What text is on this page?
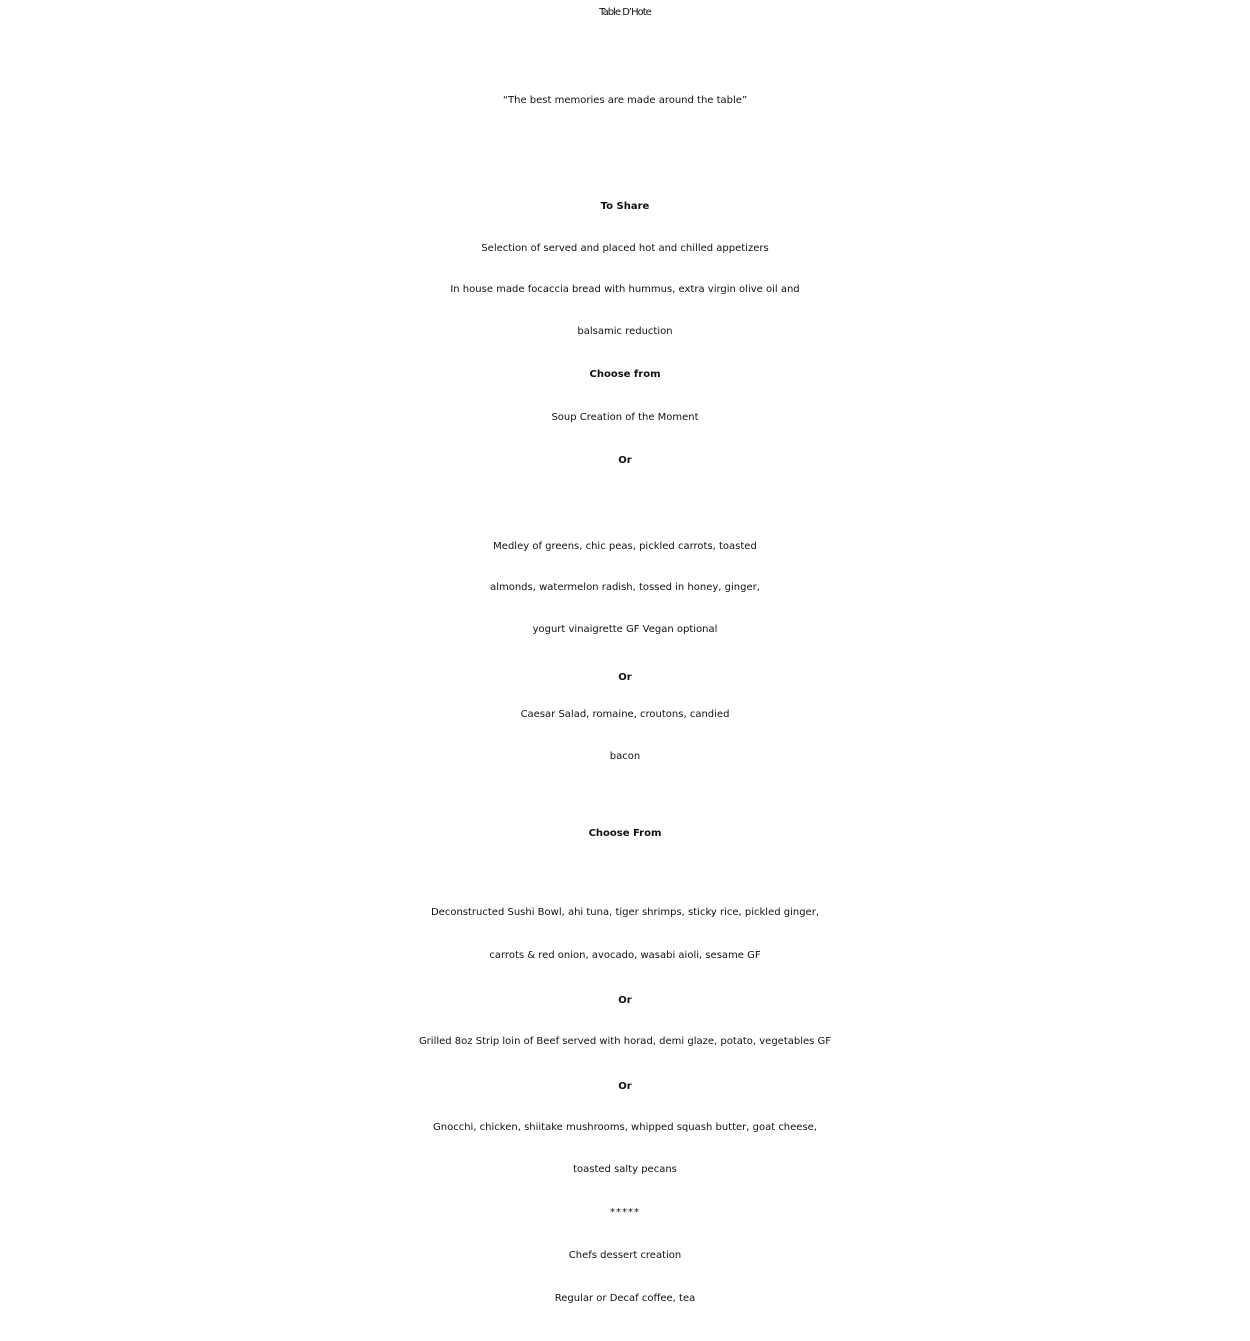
Table D’Hote
“The best memories are made around the table”
To Share
Selection of served and placed hot and chilled appetizers
In house made focaccia bread with hummus, extra virgin olive oil and
balsamic reduction
Choose from
Soup Creation of the Moment
Or
Medley of greens, chic peas, pickled carrots, toasted
almonds, watermelon radish, tossed in honey, ginger,
yogurt vinaigrette GF Vegan optional
Or
Caesar Salad, romaine, croutons, candied
bacon
Choose From
Deconstructed Sushi Bowl, ahi tuna, tiger shrimps, sticky rice, pickled ginger,
carrots & red onion, avocado, wasabi aioli, sesame GF
Or
Grilled 8oz Strip loin of Beef served with horad, demi glaze, potato, vegetables GF
Or
Gnocchi, chicken, shiitake mushrooms, whipped squash butter, goat cheese,
toasted salty pecans
*****
Chefs dessert creation
Regular or Decaf coffee, tea
